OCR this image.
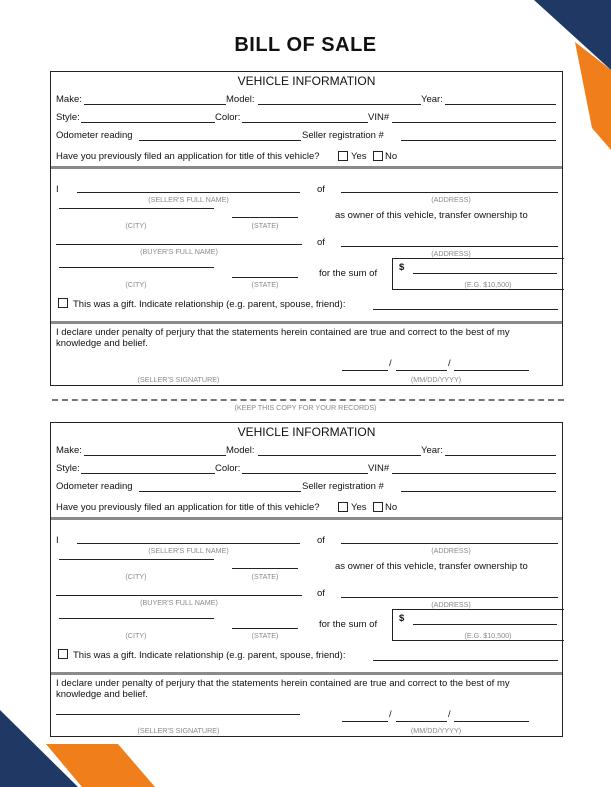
BILL OF SALE
VEHICLE INFORMATION
Make:	Model:	Year:
Style:	Color:	VIN#
Odometer reading	Seller registration #
Have you previously filed an application for title of this vehicle?	Yes No
I
(SELLER'S FULL NAME)
of
(ADDRESS)
(CITY)	(STATE)
as owner of this vehicle, transfer ownership to
(BUYER'S FULL NAME)
of
(ADDRESS)
(CITY)	(STATE)
for the sum of
$
(E.G. $10,500)
This was a gift. Indicate relationship (e.g. parent, spouse, friend):
I declare under penalty of perjury that the statements herein contained are true and correct to the best of my knowledge and belief.
/	/
(SELLER'S SIGNATURE)	(MM/DD/YYYY)
(KEEP THIS COPY FOR YOUR RECORDS)
VEHICLE INFORMATION
Make:	Model:	Year:
Style:	Color:	VIN#
Odometer reading	Seller registration #
Have you previously filed an application for title of this vehicle?	Yes No
I
(SELLER'S FULL NAME)
of
(ADDRESS)
(CITY)	(STATE)
as owner of this vehicle, transfer ownership to
(BUYER'S FULL NAME)
of
(ADDRESS)
(CITY)	(STATE)
for the sum of
$
(E.G. $10,500)
This was a gift. Indicate relationship (e.g. parent, spouse, friend):
I declare under penalty of perjury that the statements herein contained are true and correct to the best of my knowledge and belief.
/	/
(SELLER'S SIGNATURE)	(MM/DD/YYYY)
